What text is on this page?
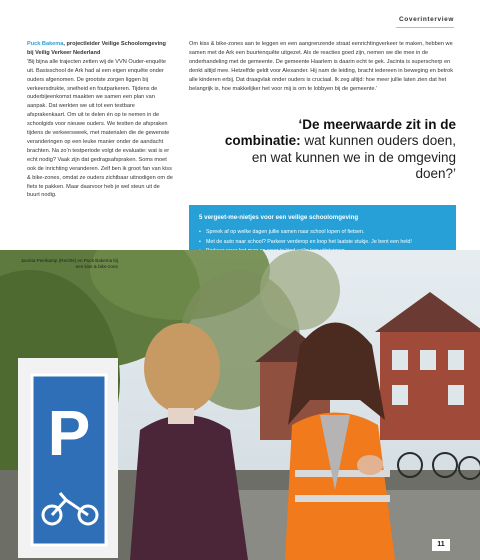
Coverinterview

Puck Bakema, projectleider Veilige Schoolomgeving bij Veilig Verkeer Nederland

‘Bij bijna alle trajecten zetten wij de VVN Ouder-enquête uit. Basisschool de Ark had al een eigen enquête onder ouders afgenomen. De grootste zorgen liggen bij verkeersdrukte, snelheid en foutparkeren. Tijdens de ouderbijeenkomst maakten we samen een plan van aanpak. Dat werkten we uit tot een testbare afsprakenkaart. Om uit te delen én op te nemen in de schoolgids voor nieuwe ouders. We testten de afspraken tijdens de verkeersweek, met materialen die de gewenste veranderingen op een leuke manier onder de aandacht brachten. Na zo’n testperiode volgt de evaluatie: wat is er echt nodig? Vaak zijn dat gedragsafspraken. Soms moet ook de inrichting veranderen. Zelf ben ik groot fan van kiss & bike-zones, omdat ze ouders zichtbaar uitnodigen om de fiets te pakken. Maar daarvoor heb je wel steun uit de buurt nodig.

Om kiss & bike-zones aan te leggen en een aangrenzende straat eenrichtingverkeer te maken, hebben we samen met de Ark een buurtenquête uitgezet. Als de reacties goed zijn, nemen we die mee in de onderhandeling met de gemeente. De gemeente Haarlem is daarin echt te gek. Jacinta is superscherp en denkt altijd mee. Hetzelfde geldt voor Alexander. Hij nam de leiding, bracht iedereen in beweging en betrok alle kinderen erbij. Dat draagvlak onder ouders is cruciaal. Ik zeg altijd: hoe meer jullie laten zien dat het belangrijk is, hoe makkelijker het voor mij is om te lobbyen bij de gemeente.’

‘De meerwaarde zit in de combinatie: wat kunnen ouders doen, en wat kunnen we in de omgeving doen?’
5 vergeet-me-nietjes voor een veilige schoolomgeving
• Spreek af op welke dagen jullie samen naar school lopen of fietsen.
• Met de auto naar school? Parkeer verderop en loop het laatste stukje. Je bent een held!
•
•
•
P
Jacinta Peerkamp (Rechts) en Puck Bakema bij een kiss & bike-zone
11
